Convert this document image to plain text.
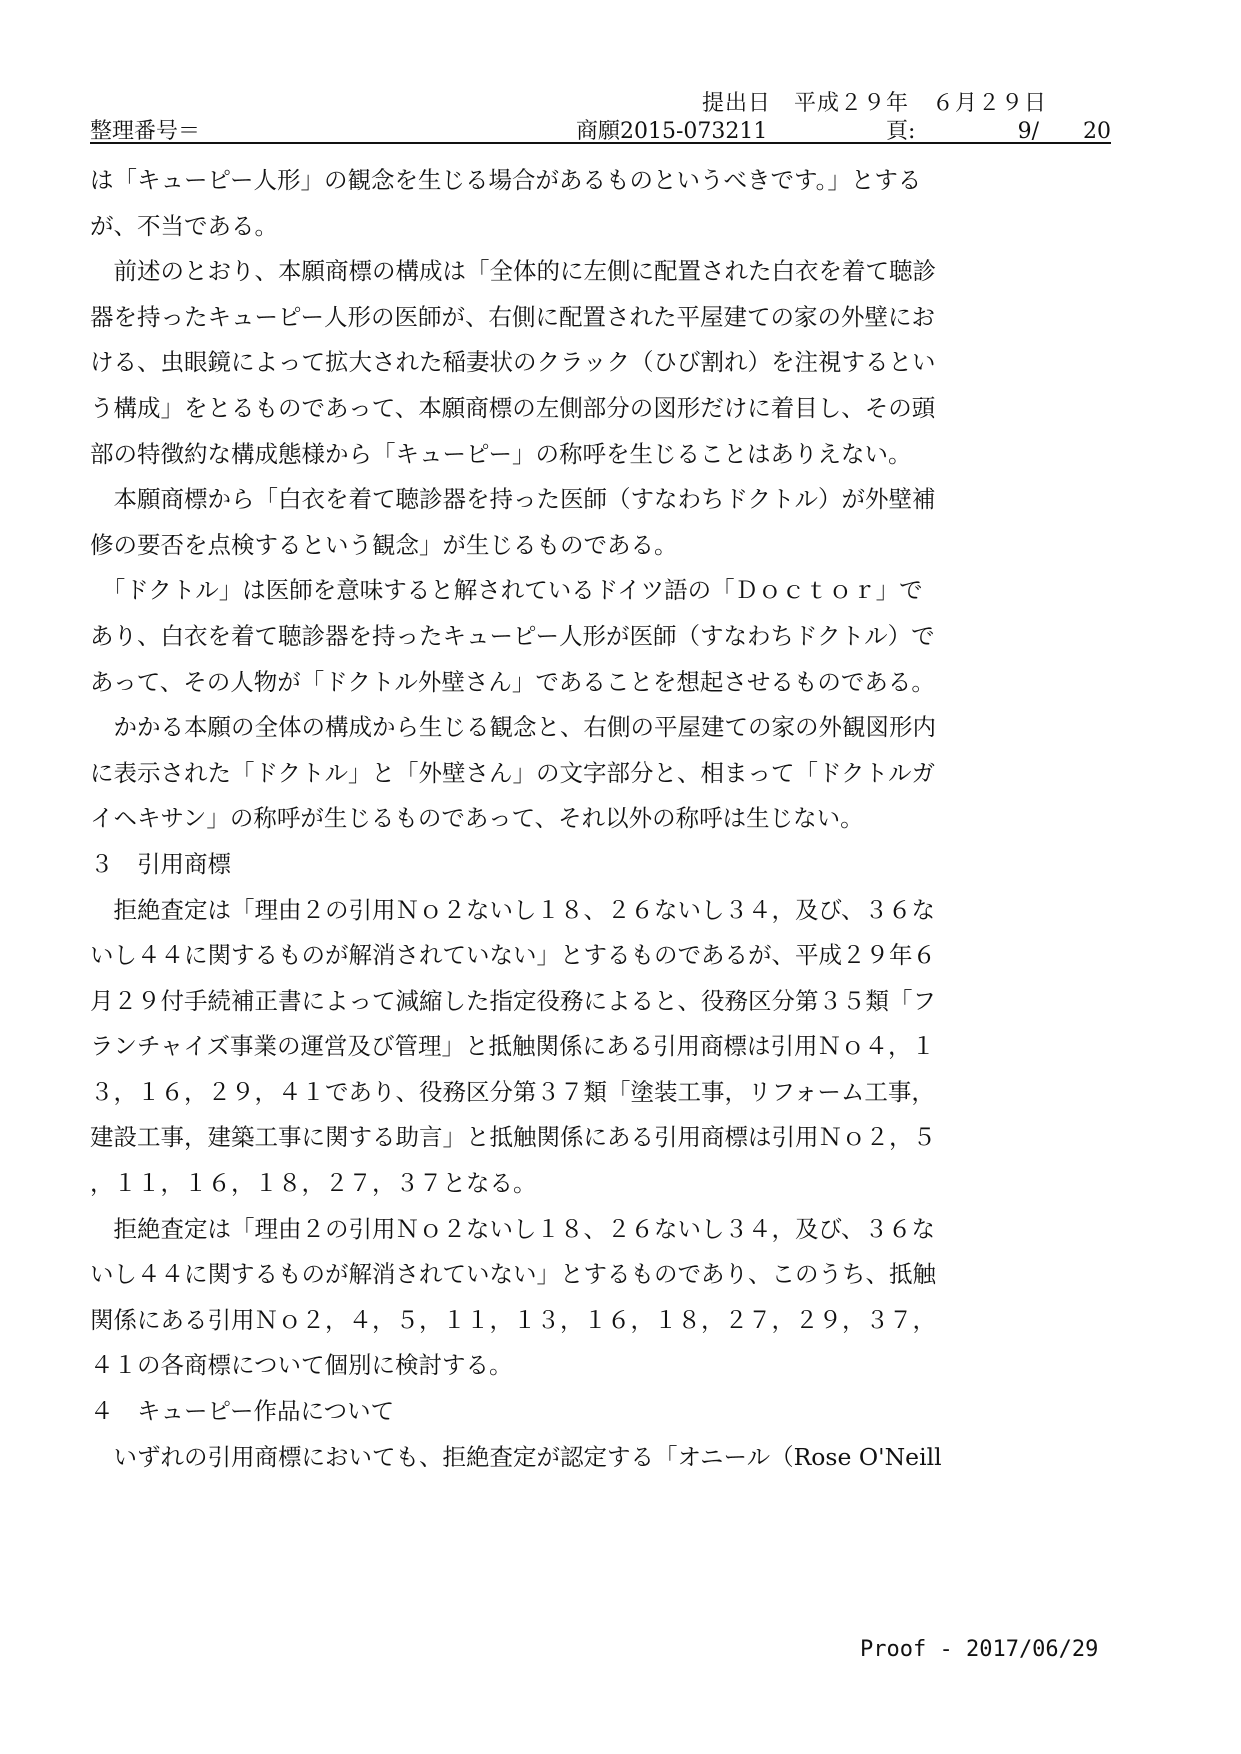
提出日　平成２９年　６月２９日
整理番号＝	商願2015-073211	頁:	9/　　20
は「キューピー人形」の観念を生じる場合があるものというべきです。」とする
が、不当である。
　前述のとおり、本願商標の構成は「全体的に左側に配置された白衣を着て聴診
器を持ったキューピー人形の医師が、右側に配置された平屋建ての家の外壁にお
ける、虫眼鏡によって拡大された稲妻状のクラック（ひび割れ）を注視するとい
う構成」をとるものであって、本願商標の左側部分の図形だけに着目し、その頭
部の特徴約な構成態様から「キューピー」の称呼を生じることはありえない。
　本願商標から「白衣を着て聴診器を持った医師（すなわちドクトル）が外壁補
修の要否を点検するという観念」が生じるものである。
　「ドクトル」は医師を意味すると解されているドイツ語の「Ｄｏｃｔｏｒ」で
あり、白衣を着て聴診器を持ったキューピー人形が医師（すなわちドクトル）で
あって、その人物が「ドクトル外壁さん」であることを想起させるものである。
　かかる本願の全体の構成から生じる観念と、右側の平屋建ての家の外観図形内
に表示された「ドクトル」と「外壁さん」の文字部分と、相まって「ドクトルガ
イヘキサン」の称呼が生じるものであって、それ以外の称呼は生じない。
３　引用商標
　拒絶査定は「理由２の引用Ｎｏ２ないし１８、２６ないし３４，及び、３６な
いし４４に関するものが解消されていない」とするものであるが、平成２９年６
月２９付手続補正書によって減縮した指定役務によると、役務区分第３５類「フ
ランチャイズ事業の運営及び管理」と抵触関係にある引用商標は引用Ｎｏ４，１
３，１６，２９，４１であり、役務区分第３７類「塗装工事，リフォーム工事，
建設工事，建築工事に関する助言」と抵触関係にある引用商標は引用Ｎｏ２，５
，１１，１６，１８，２７，３７となる。
　拒絶査定は「理由２の引用Ｎｏ２ないし１８、２６ないし３４，及び、３６な
いし４４に関するものが解消されていない」とするものであり、このうち、抵触
関係にある引用Ｎｏ２，４，５，１１，１３，１６，１８，２７，２９，３７，
４１の各商標について個別に検討する。
４　キューピー作品について
　いずれの引用商標においても、拒絶査定が認定する「オニール（Rose O'Neill
Proof - 2017/06/29
